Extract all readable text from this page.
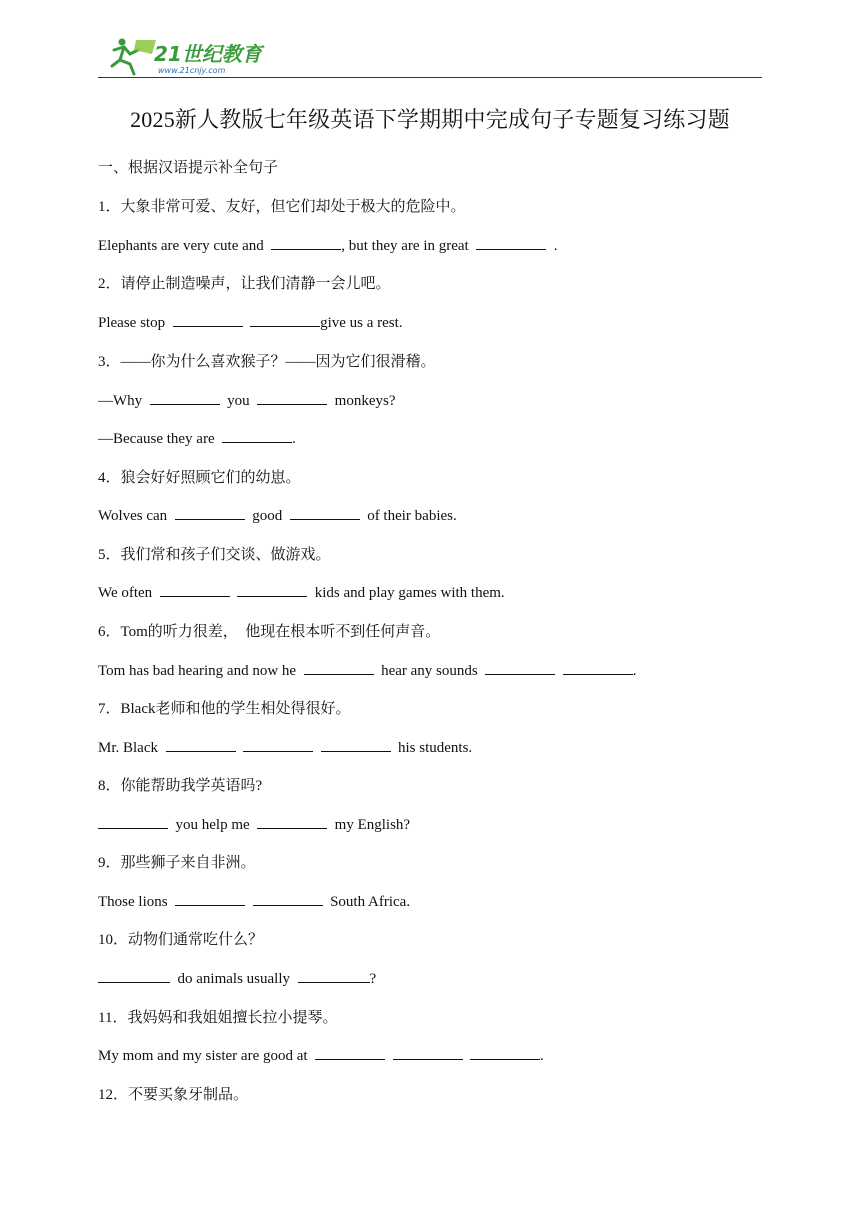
21世纪教育
www.21cnjy.com
2025新人教版七年级英语下学期期中完成句子专题复习练习题
一、根据汉语提示补全句子
1．大象非常可爱、友好，但它们却处于极大的危险中。
Elephants are very cute and	, but they are in great	.
2．请停止制造噪声，让我们清静一会儿吧。
Please stop	give us a rest.
3．——你为什么喜欢猴子？——因为它们很滑稽。
—Why	you	monkeys?
—Because they are	.
4．狼会好好照顾它们的幼崽。
Wolves can	good	of their babies.
5．我们常和孩子们交谈、做游戏。
We often	kids and play games with them.
6．Tom的听力很差，  他现在根本听不到任何声音。
Tom has bad hearing and now he	hear any sounds	.
7．Black老师和他的学生相处得很好。
Mr. Black	his students.
8．你能帮助我学英语吗?
you help me	my English?
9．那些狮子来自非洲。
Those lions	South Africa.
10．动物们通常吃什么？
do animals usually	?
11．我妈妈和我姐姐擅长拉小提琴。
My mom and my sister are good at	.
12．不要买象牙制品。
